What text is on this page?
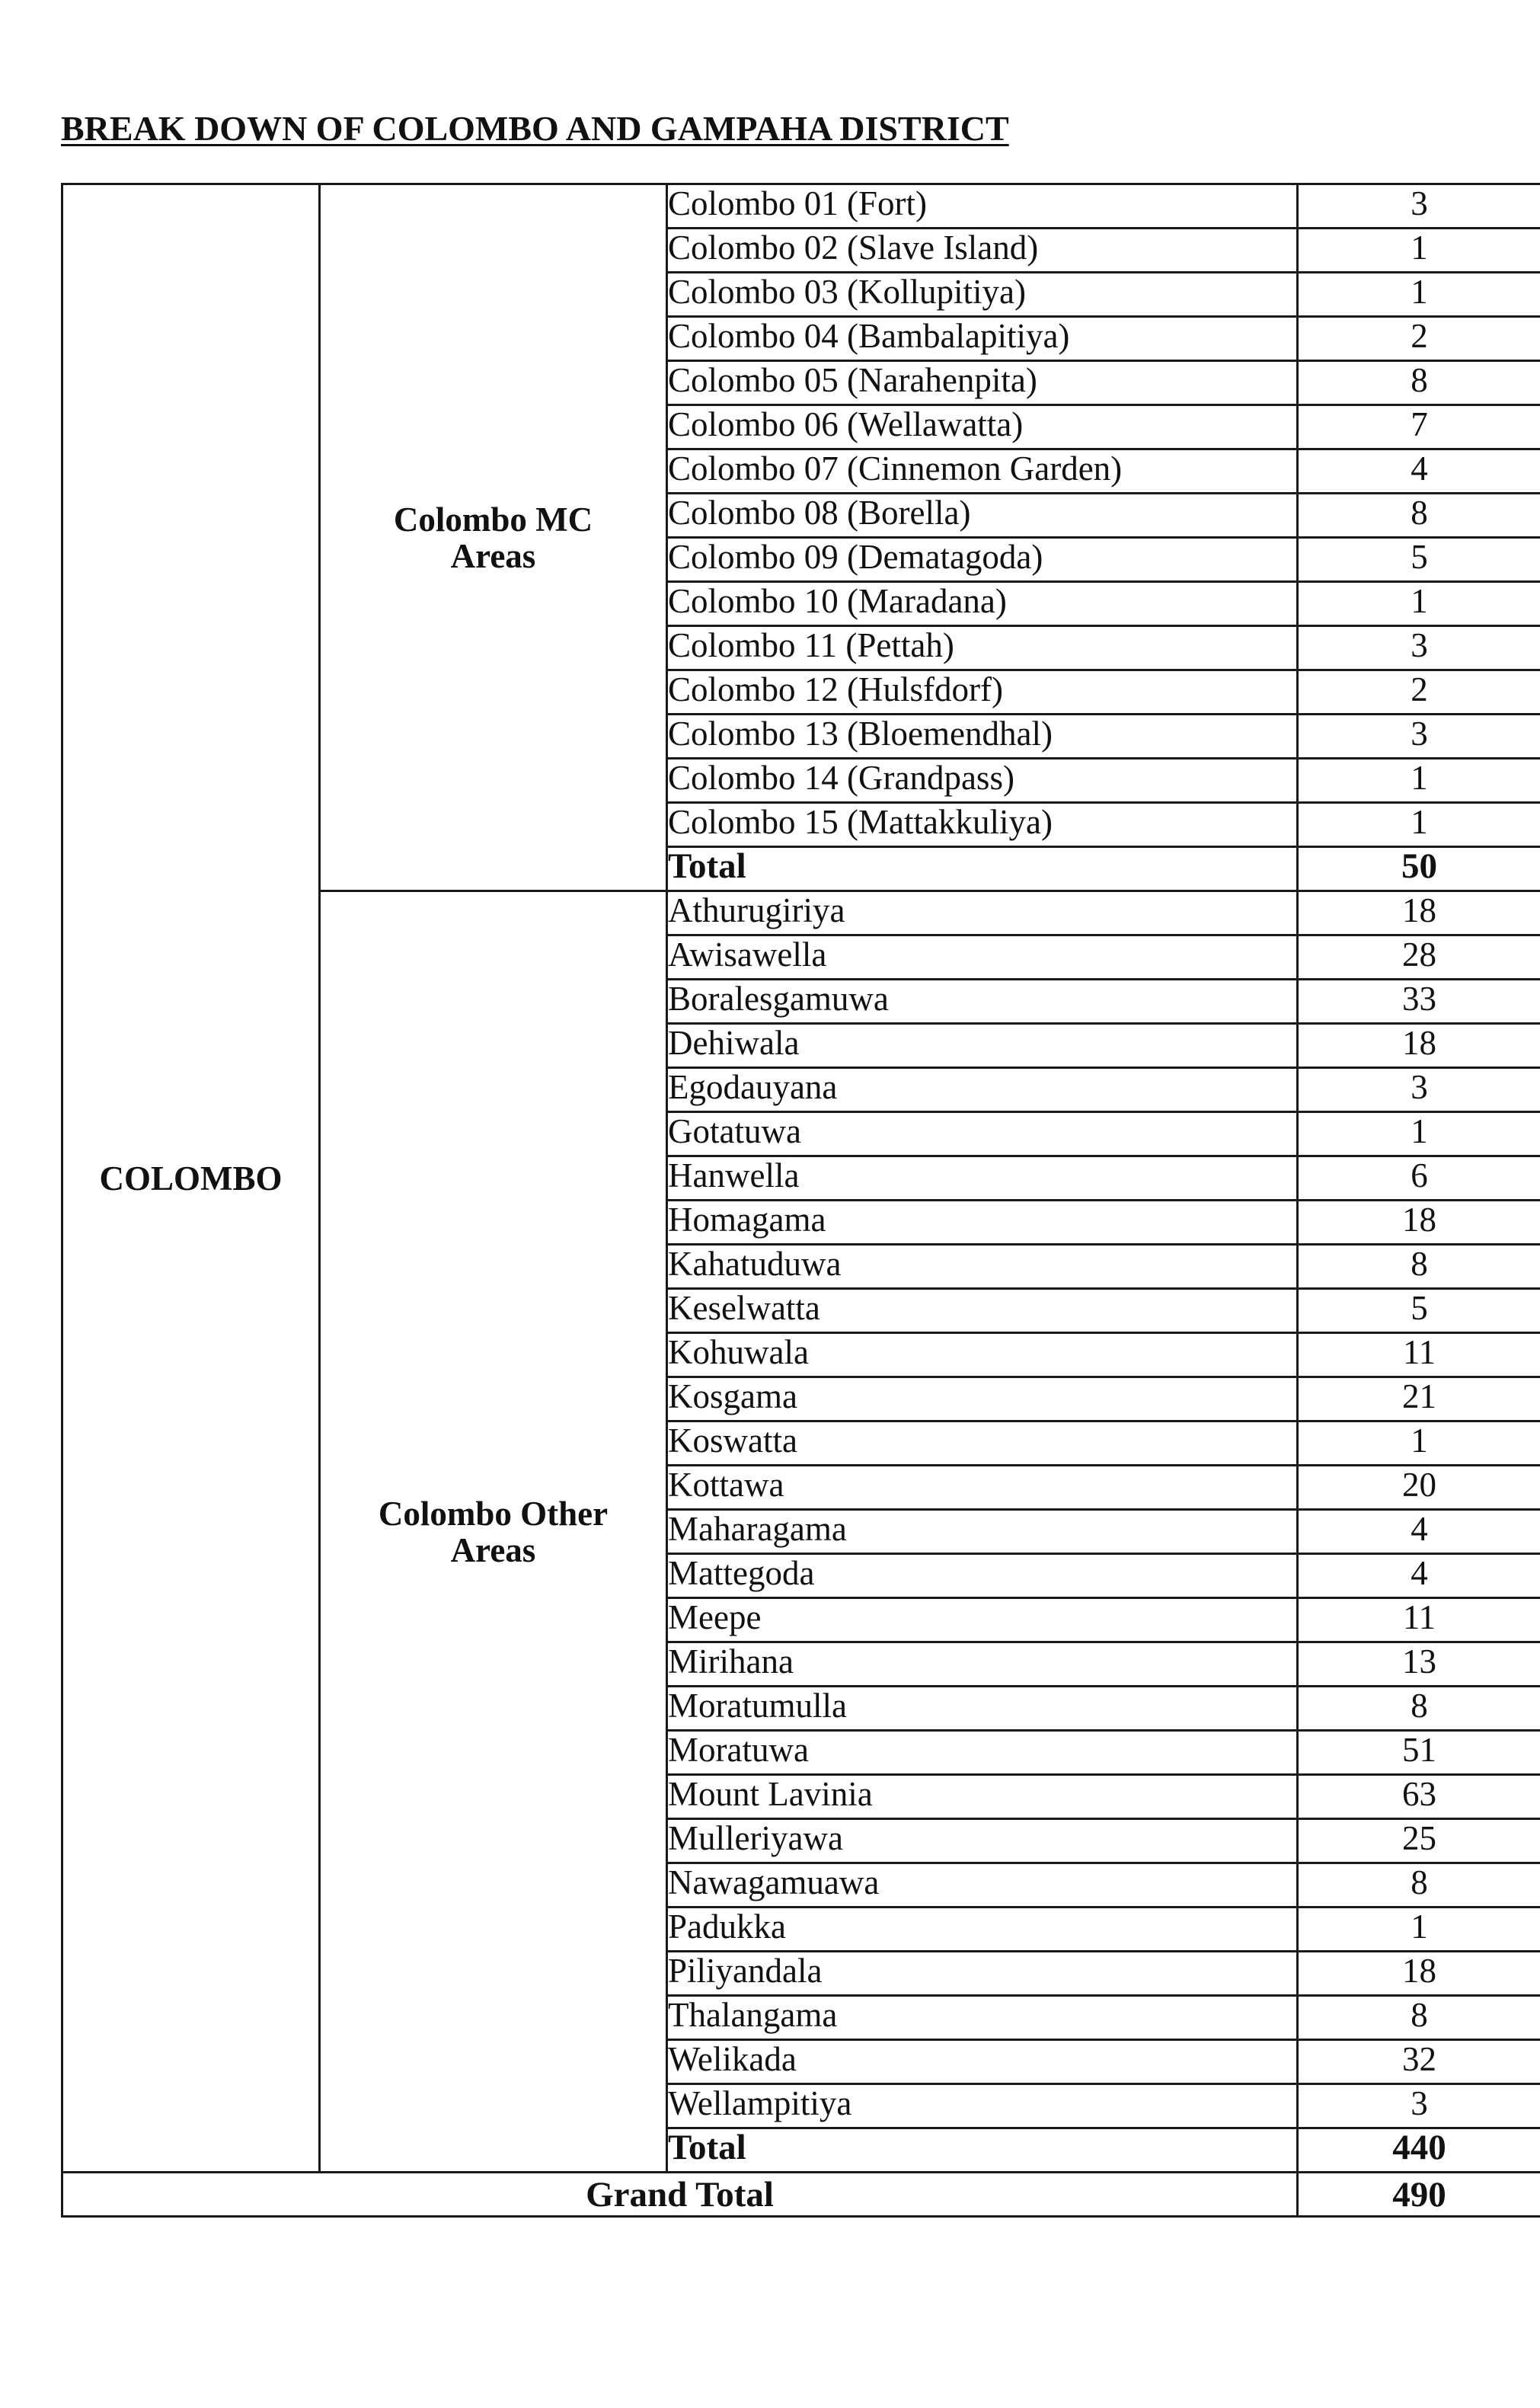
BREAK DOWN OF COLOMBO AND GAMPAHA DISTRICT
COLOMBO	Colombo MC Areas	Colombo 01 (Fort)	3
		Colombo 02 (Slave Island)	1
		Colombo 03 (Kollupitiya)	1
		Colombo 04 (Bambalapitiya)	2
		Colombo 05 (Narahenpita)	8
		Colombo 06 (Wellawatta)	7
		Colombo 07 (Cinnemon Garden)	4
		Colombo 08 (Borella)	8
		Colombo 09 (Dematagoda)	5
		Colombo 10 (Maradana)	1
		Colombo 11 (Pettah)	3
		Colombo 12 (Hulsfdorf)	2
		Colombo 13 (Bloemendhal)	3
		Colombo 14 (Grandpass)	1
		Colombo 15 (Mattakkuliya)	1
		Total	50
	Colombo Other Areas	Athurugiriya	18
		Awisawella	28
		Boralesgamuwa	33
		Dehiwala	18
		Egodauyana	3
		Gotatuwa	1
		Hanwella	6
		Homagama	18
		Kahatuduwa	8
		Keselwatta	5
		Kohuwala	11
		Kosgama	21
		Koswatta	1
		Kottawa	20
		Maharagama	4
		Mattegoda	4
		Meepe	11
		Mirihana	13
		Moratumulla	8
		Moratuwa	51
		Mount Lavinia	63
		Mulleriyawa	25
		Nawagamuawa	8
		Padukka	1
		Piliyandala	18
		Thalangama	8
		Welikada	32
		Wellampitiya	3
		Total	440
Grand Total			490
